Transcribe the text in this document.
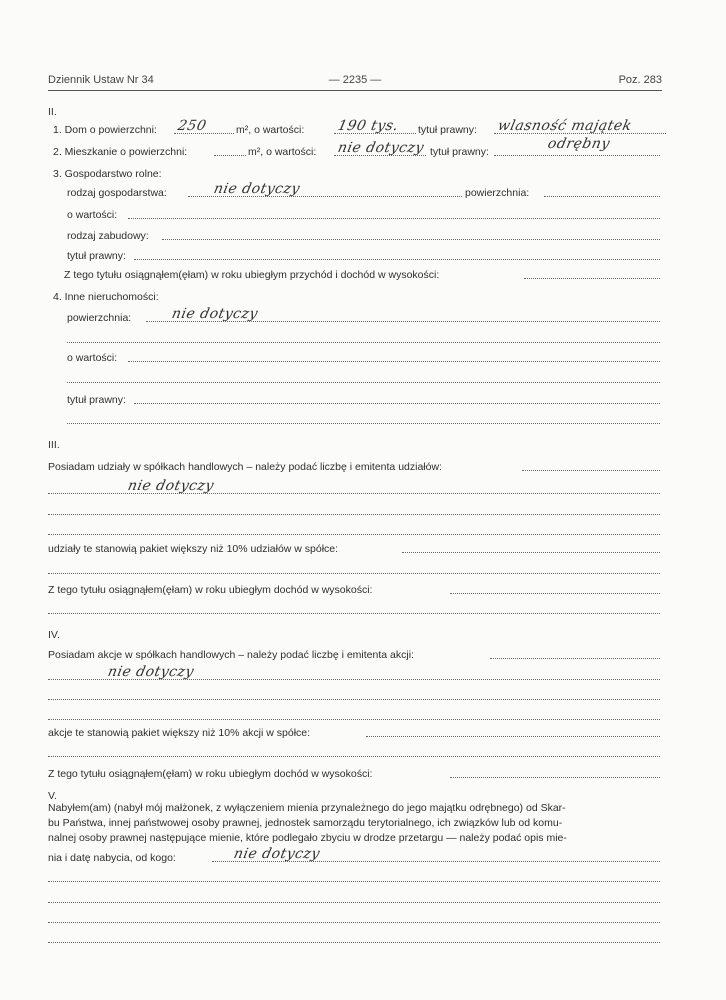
Dziennik Ustaw Nr 34	— 2235 —	Poz. 283
II.
1. Dom o powierzchni: 250	m², o wartości: 190 tys. tytuł prawny: wlasność majątek
odrębny
2. Mieszkanie o powierzchni:	m², o wartości: nie dotyczy tytuł prawny:
3. Gospodarstwo rolne:
rodzaj gospodarstwa:	nie dotyczy	powierzchnia:
o wartości:
rodzaj zabudowy:
tytuł prawny:
Z tego tytułu osiągnąłem(ęłam) w roku ubiegłym przychód i dochód w wysokości:
4. Inne nieruchomości:
powierzchnia:	nie dotyczy
o wartości:
tytuł prawny:
III.
Posiadam udziały w spółkach handlowych – należy podać liczbę i emitenta udziałów:
nie dotyczy
udziały te stanowią pakiet większy niż 10% udziałów w spółce:
Z tego tytułu osiągnąłem(ęłam) w roku ubiegłym dochód w wysokości:
IV.
Posiadam akcje w spółkach handlowych – należy podać liczbę i emitenta akcji:
nie dotyczy
akcje te stanowią pakiet większy niż 10% akcji w spółce:
Z tego tytułu osiągnąłem(ęłam) w roku ubiegłym dochód w wysokości:
V.
Nabyłem(am) (nabył mój małżonek, z wyłączeniem mienia przynależnego do jego majątku odrębnego) od Skar-
bu Państwa, innej państwowej osoby prawnej, jednostek samorządu terytorialnego, ich związków lub od komu-
nalnej osoby prawnej następujące mienie, które podlegało zbyciu w drodze przetargu — należy podać opis mie-
nia i datę nabycia, od kogo:	nie dotyczy
